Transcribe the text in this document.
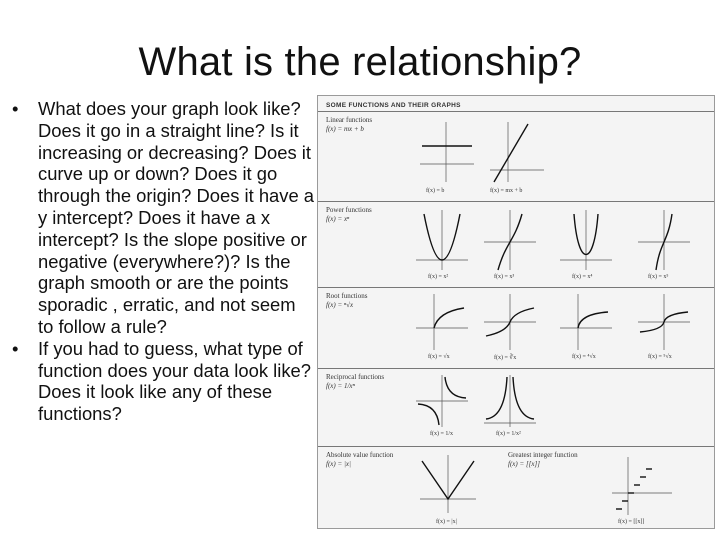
What is the relationship?
• What does your graph look like? Does it go in a straight line? Is it increasing or decreasing? Does it curve up or down? Does it go through the origin? Does it have a y intercept? Does it have a x intercept? Is the slope positive or negative (everywhere?)? Is the graph smooth or are the points sporadic , erratic, and not seem to follow a rule?
• If you had to guess, what type of function does your data look like? Does it look like any of these functions?
SOME FUNCTIONS AND THEIR GRAPHS
Linear functions
f(x) = mx + b
f(x) = b	f(x) = mx + b
Power functions
f(x) = xⁿ
f(x) = x²	f(x) = x³	f(x) = x⁴	f(x) = x⁵
Root functions
f(x) = ⁿ√x
f(x) = √x	f(x) = ∛x	f(x) = ⁴√x	f(x) = ⁵√x
Reciprocal functions
f(x) = 1/xⁿ
f(x) = 1/x	f(x) = 1/x²
Absolute value function
f(x) = |x|
f(x) = |x|
Greatest integer function
f(x) = [[x]]
f(x) = [[x]]
